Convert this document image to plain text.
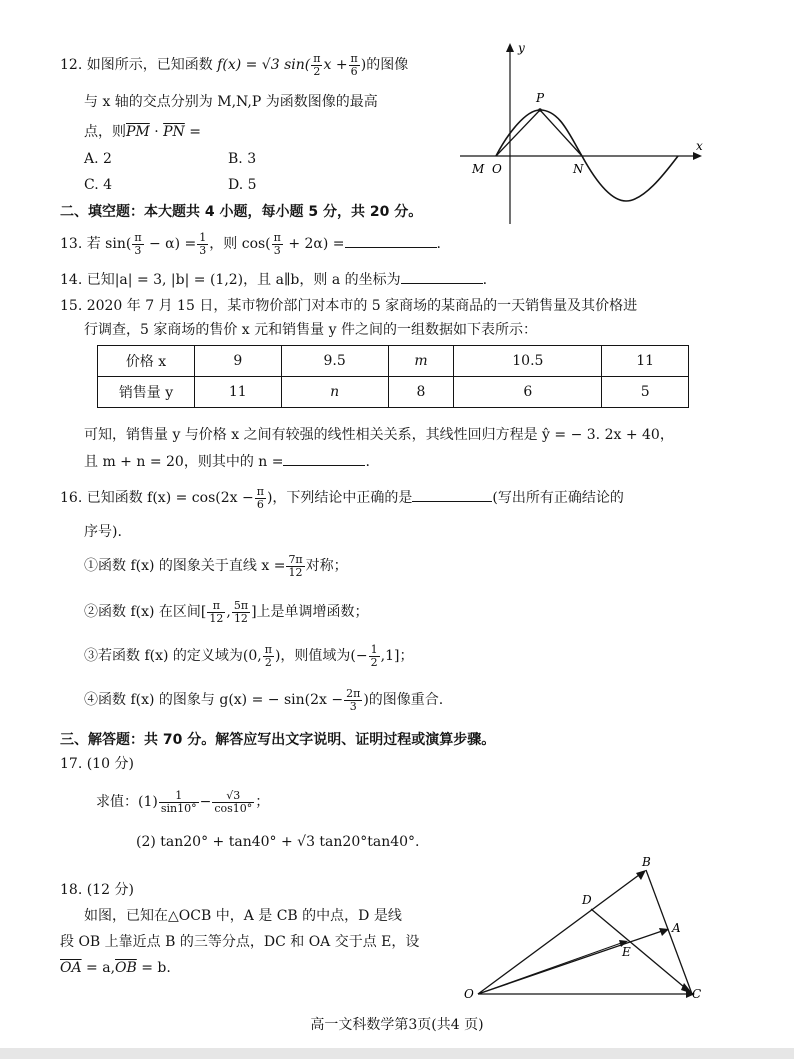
12. 如图所示，已知函数 f(x) = √3 $\sin( \frac{\pi}{2}$ $x + \frac{\pi}{6}$ )的图像
与 x 轴的交点分别为 M,N,P 为函数图像的最高
点，则$\overline{PM} \cdot \overline{PN}$ =
A. 2	B. 3
C. 4	D. 5
y
x
P
M O	N
二、填空题：本大题共 4 小题，每小题 5 分，共 20 分。
13. 若 $\sin( \frac{\pi}{3} - \alpha) = \frac{1}{3}$ ，则 $\cos( \frac{\pi}{3} + 2\alpha)$ =	.
14. 已知|a| = 3, |b| = (1,2)，且 a∥b，则 a 的坐标为	.
15. 2020 年 7 月 15 日，某市物价部门对本市的 5 家商场的某商品的一天销售量及其价格进
行调查，5 家商场的售价 x 元和销售量 y 件之间的一组数据如下表所示：
价格 x	9	9.5	m	10.5	11
销售量 y	11	n	8	6	5
可知，销售量 y 与价格 x 之间有较强的线性相关关系，其线性回归方程是 ŷ = − 3. 2x + 40，
且 m + n = 20，则其中的 n =	.
16. 已知函数 $f(x) = \cos(2x - \frac{\pi}{6}$ )，下列结论中正确的是	(写出所有正确结论的
序号).
①函数 f(x) 的图象关于直线 $x = \frac{7\pi}{12}$ 对称；
②函数 f(x) 在区间[ $\frac{\pi}{12}$ , $\frac{5\pi}{12}$ ]上是单调增函数；
③若函数 f(x) 的定义域为(0, $\frac{\pi}{2}$ )，则值域为(− $\frac{1}{2} ,1$]；
④函数 f(x) 的图象与 g(x) = − $\sin(2x - \frac{2\pi}{3}$ )的图像重合.
三、解答题：共 70 分。解答应写出文字说明、证明过程或演算步骤。
17. (10 分)
求值：$(1) \frac{1}{\sin 10^\circ} - \frac{√3}{\cos 10^\circ}$ ；
(2) tan20° + tan40° + √3 tan20°tan40°.
18. (12 分)
如图，已知在△OCB 中，A 是 CB 的中点，D 是线
段 OB 上靠近点 B 的三等分点，DC 和 OA 交于点 E，设
$\overline{OA} = a,\overline{OB} = b$.
B
D
A
E
O	C
高一文科数学第3页(共4 页)
